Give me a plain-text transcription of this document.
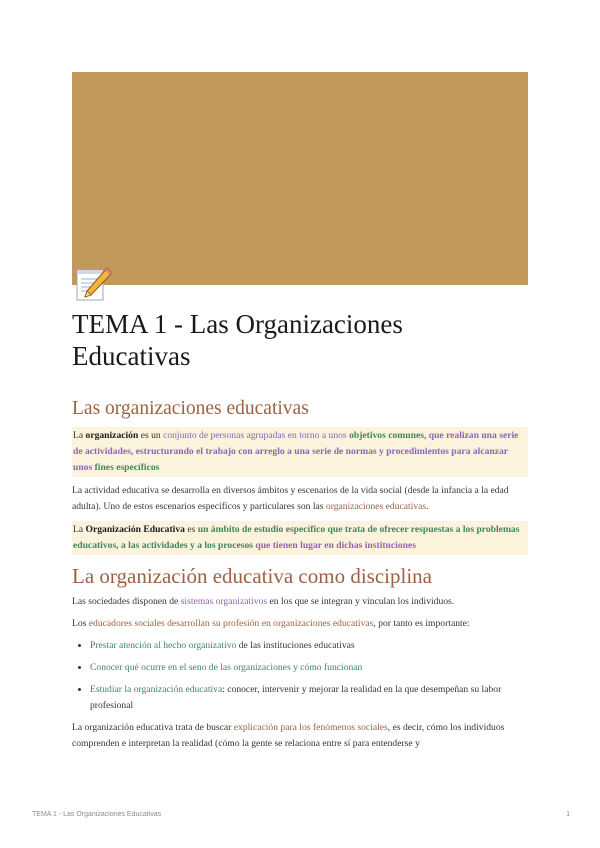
TEMA 1 - Las Organizaciones Educativas
Las organizaciones educativas

La organización es un conjunto de personas agrupadas en torno a unos objetivos comunes, que realizan una serie de actividades, estructurando el trabajo con arreglo a una serie de normas y procedimientos para alcanzar unos fines específicos

La actividad educativa se desarrolla en diversos ámbitos y escenarios de la vida social (desde la infancia a la edad adulta). Uno de estos escenarios específicos y particulares son las organizaciones educativas.

La Organización Educativa es un ámbito de estudio específico que trata de ofrecer respuestas a los problemas educativos, a las actividades y a los procesos que tienen lugar en dichas instituciones

La organización educativa como disciplina

Las sociedades disponen de sistemas organizativos en los que se integran y vinculan los individuos.

Los educadores sociales desarrollan su profesión en organizaciones educativas, por tanto es importante:

• Prestar atención al hecho organizativo de las instituciones educativas
• Conocer qué ocurre en el seno de las organizaciones y cómo funcionan
• Estudiar la organización educativa: conocer, intervenir y mejorar la realidad en la que desempeñan su labor profesional

La organización educativa trata de buscar explicación para los fenómenos sociales, es decir, cómo los individuos comprenden e interpretan la realidad (cómo la gente se relaciona entre sí para entenderse y

TEMA 1 - Las Organizaciones Educativas	1
